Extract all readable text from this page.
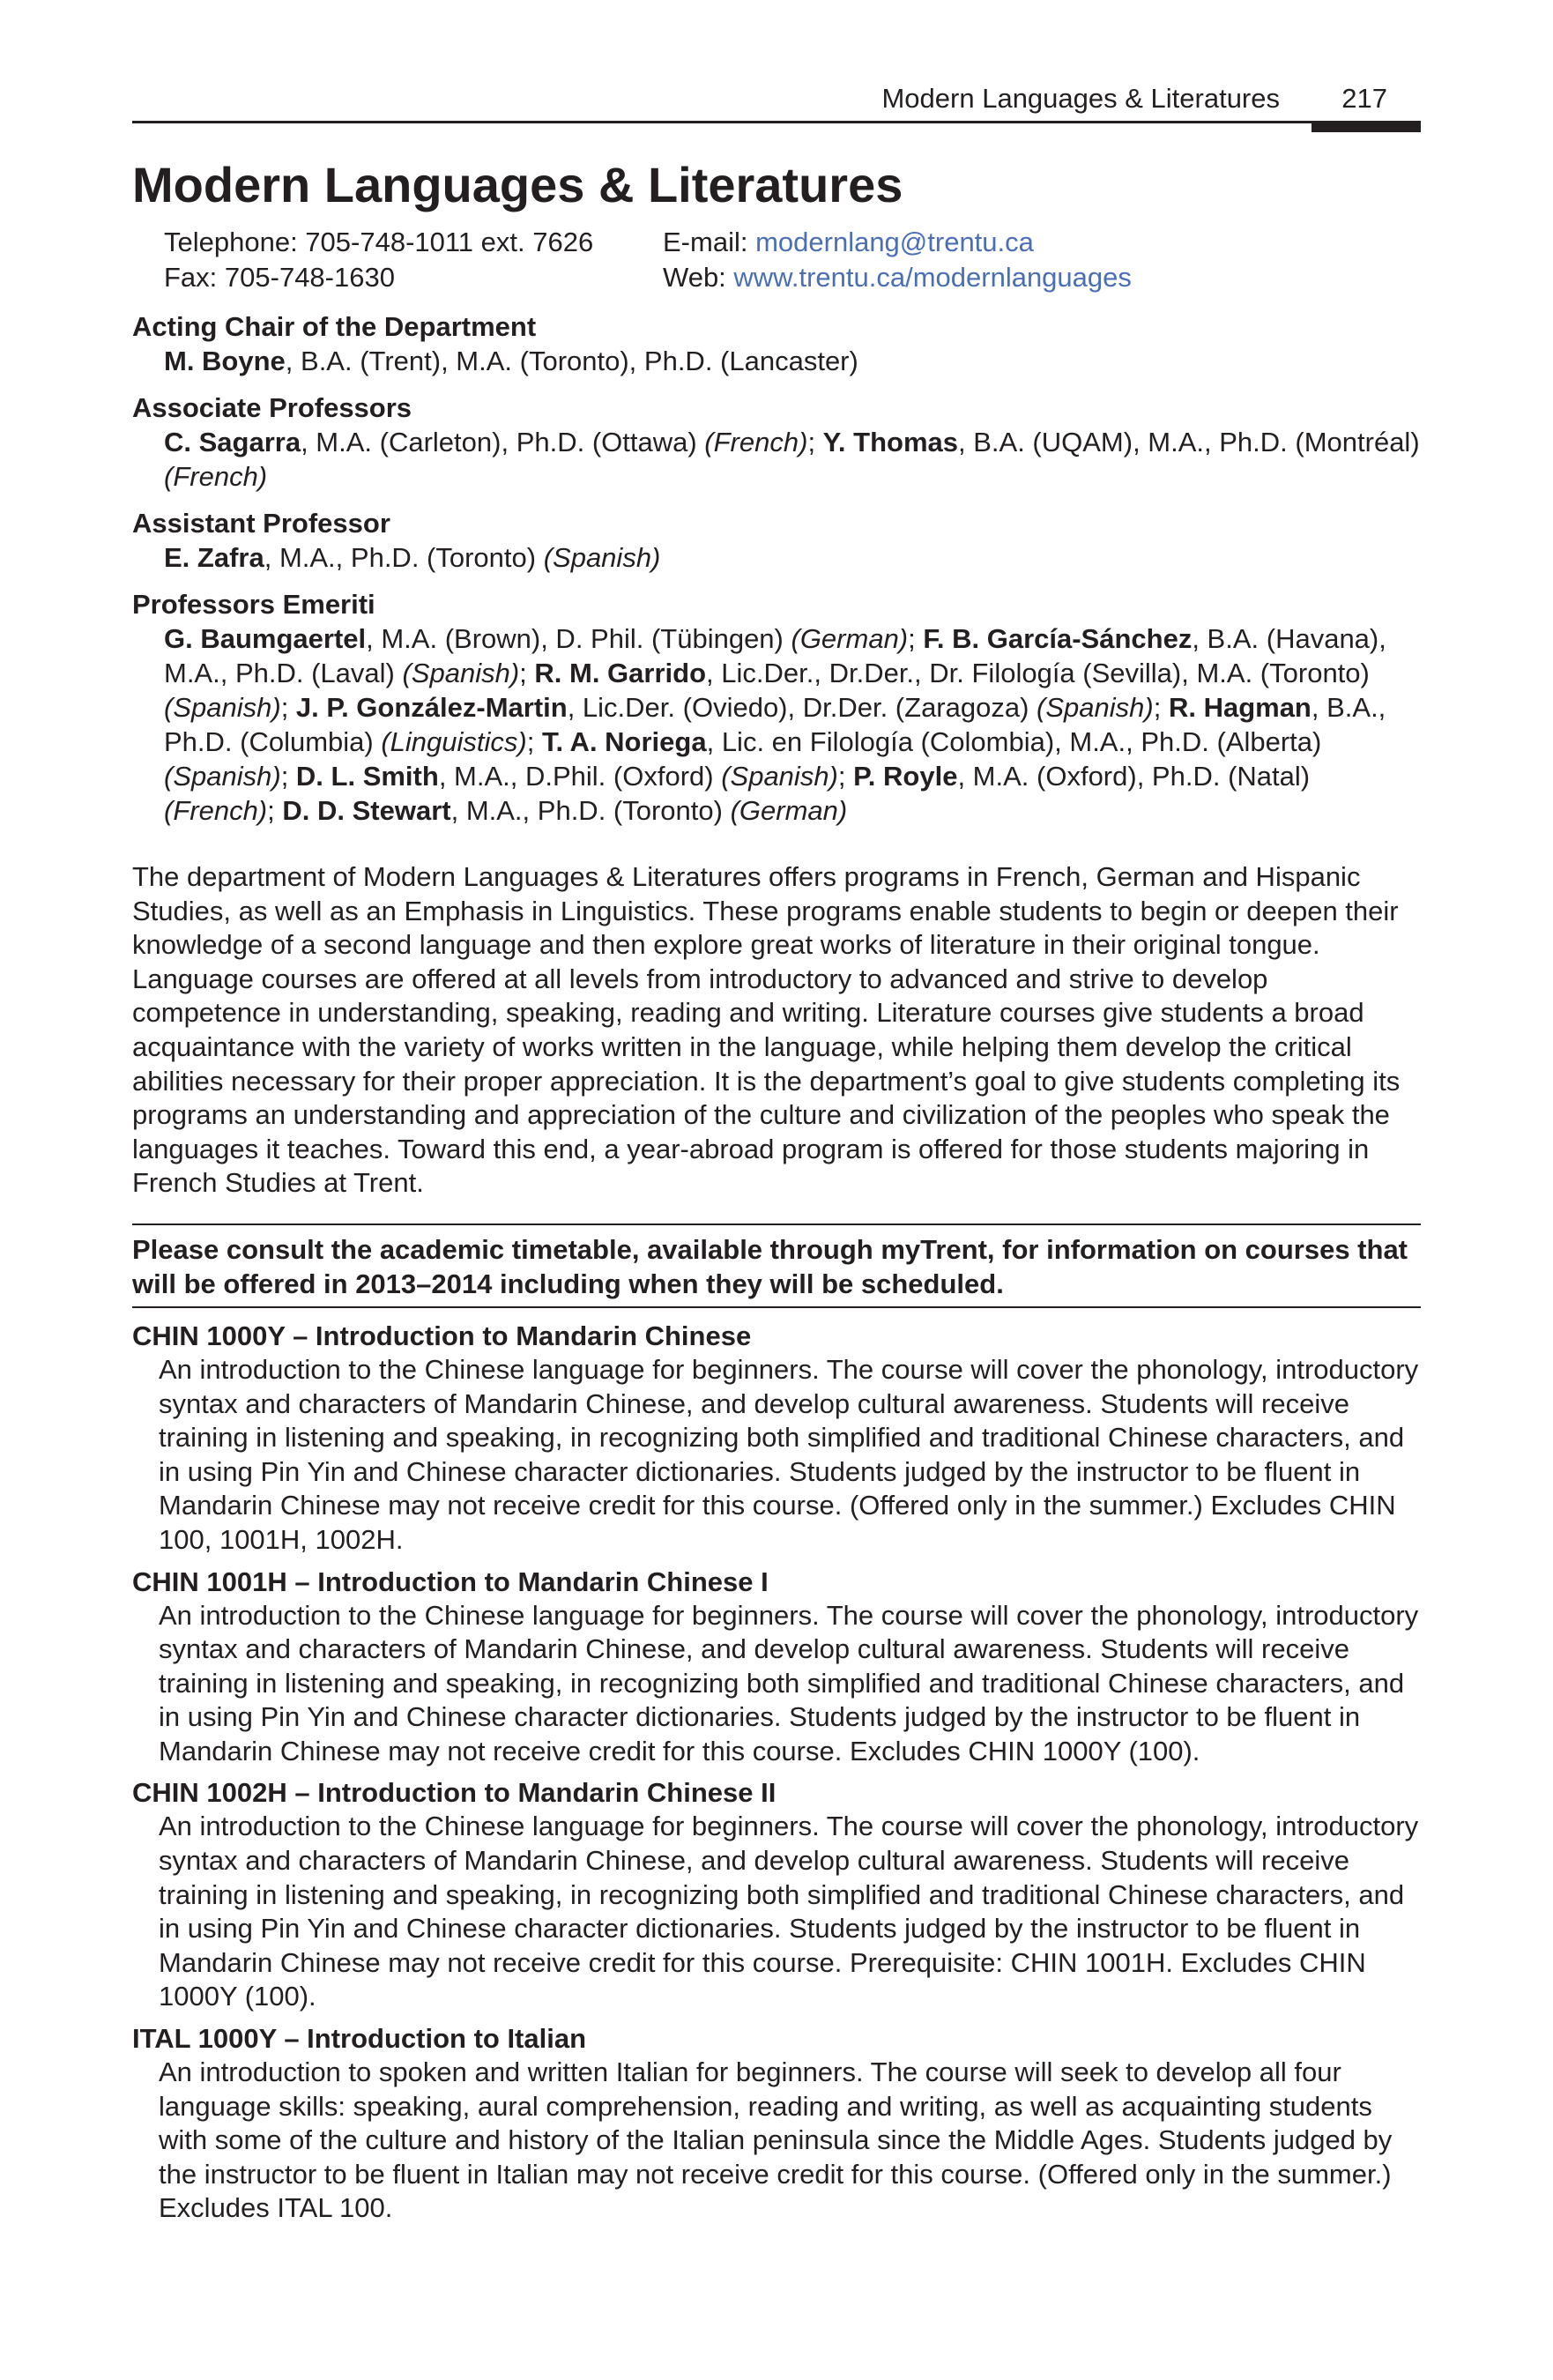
Modern Languages & Literatures 217
Modern Languages & Literatures
Telephone: 705-748-1011 ext. 7626	E-mail: modernlang@trentu.ca
Fax: 705-748-1630	Web: www.trentu.ca/modernlanguages
Acting Chair of the Department
M. Boyne, B.A. (Trent), M.A. (Toronto), Ph.D. (Lancaster)
Associate Professors
C. Sagarra, M.A. (Carleton), Ph.D. (Ottawa) (French); Y. Thomas, B.A. (UQAM), M.A., Ph.D. (Montréal) (French)
Assistant Professor
E. Zafra, M.A., Ph.D. (Toronto) (Spanish)
Professors Emeriti
G. Baumgaertel, M.A. (Brown), D. Phil. (Tübingen) (German); F. B. García-Sánchez, B.A. (Havana), M.A., Ph.D. (Laval) (Spanish); R. M. Garrido, Lic.Der., Dr.Der., Dr. Filología (Sevilla), M.A. (Toronto) (Spanish); J. P. González-Martin, Lic.Der. (Oviedo), Dr.Der. (Zaragoza) (Spanish); R. Hagman, B.A., Ph.D. (Columbia) (Linguistics); T. A. Noriega, Lic. en Filología (Colombia), M.A., Ph.D. (Alberta) (Spanish); D. L. Smith, M.A., D.Phil. (Oxford) (Spanish); P. Royle, M.A. (Oxford), Ph.D. (Natal) (French); D. D. Stewart, M.A., Ph.D. (Toronto) (German)

The department of Modern Languages & Literatures offers programs in French, German and Hispanic Studies, as well as an Emphasis in Linguistics. These programs enable students to begin or deepen their knowledge of a second language and then explore great works of literature in their original tongue. Language courses are offered at all levels from introductory to advanced and strive to develop competence in understanding, speaking, reading and writing. Literature courses give students a broad acquaintance with the variety of works written in the language, while helping them develop the critical abilities necessary for their proper appreciation. It is the department’s goal to give students completing its programs an understanding and appreciation of the culture and civilization of the peoples who speak the languages it teaches. Toward this end, a year-abroad program is offered for those students majoring in French Studies at Trent.

Please consult the academic timetable, available through myTrent, for information on courses that will be offered in 2013–2014 including when they will be scheduled.
CHIN 1000Y – Introduction to Mandarin Chinese

An introduction to the Chinese language for beginners. The course will cover the phonology, introductory syntax and characters of Mandarin Chinese, and develop cultural awareness. Students will receive training in listening and speaking, in recognizing both simplified and traditional Chinese characters, and in using Pin Yin and Chinese character dictionaries. Students judged by the instructor to be fluent in Mandarin Chinese may not receive credit for this course. (Offered only in the summer.) Excludes CHIN 100, 1001H, 1002H.

CHIN 1001H – Introduction to Mandarin Chinese I

An introduction to the Chinese language for beginners. The course will cover the phonology, introductory syntax and characters of Mandarin Chinese, and develop cultural awareness. Students will receive training in listening and speaking, in recognizing both simplified and traditional Chinese characters, and in using Pin Yin and Chinese character dictionaries. Students judged by the instructor to be fluent in Mandarin Chinese may not receive credit for this course. Excludes CHIN 1000Y (100).

CHIN 1002H – Introduction to Mandarin Chinese II

An introduction to the Chinese language for beginners. The course will cover the phonology, introductory syntax and characters of Mandarin Chinese, and develop cultural awareness. Students will receive training in listening and speaking, in recognizing both simplified and traditional Chinese characters, and in using Pin Yin and Chinese character dictionaries. Students judged by the instructor to be fluent in Mandarin Chinese may not receive credit for this course. Prerequisite: CHIN 1001H. Excludes CHIN 1000Y (100).

ITAL 1000Y – Introduction to Italian

An introduction to spoken and written Italian for beginners. The course will seek to develop all four language skills: speaking, aural comprehension, reading and writing, as well as acquainting students with some of the culture and history of the Italian peninsula since the Middle Ages. Students judged by the instructor to be fluent in Italian may not receive credit for this course. (Offered only in the summer.) Excludes ITAL 100.
